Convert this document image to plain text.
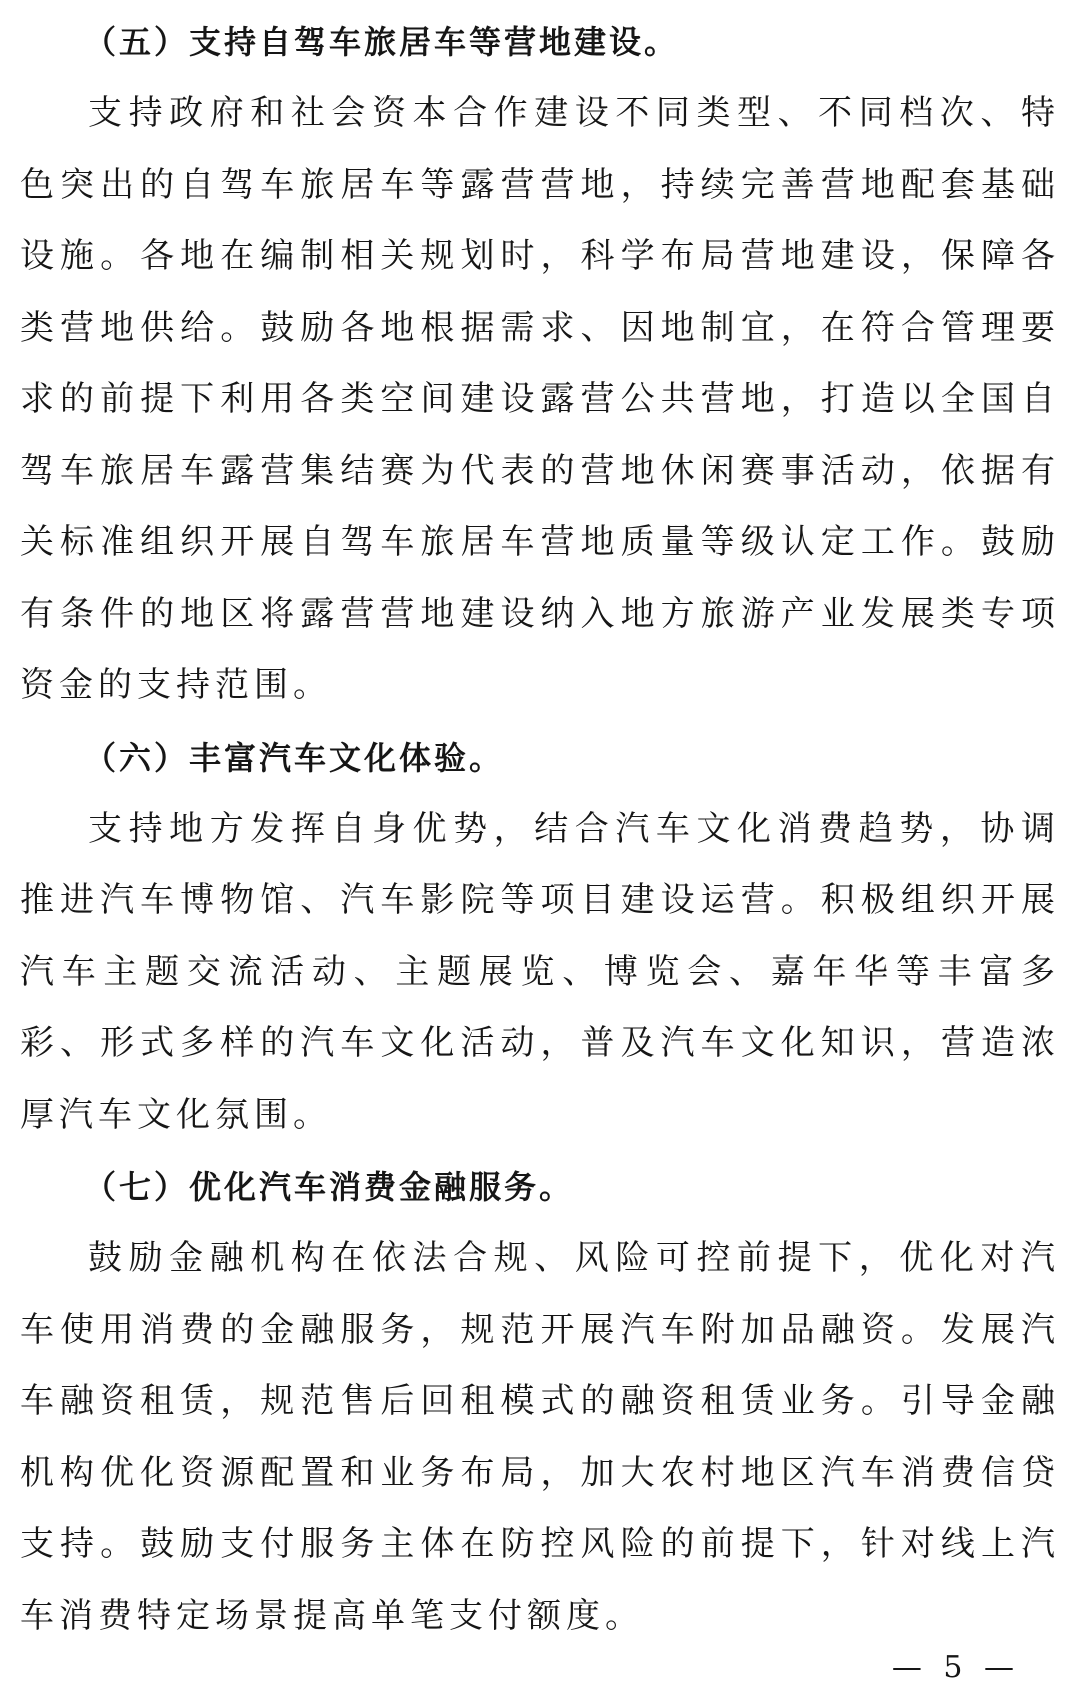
（五）支持自驾车旅居车等营地建设。

支持政府和社会资本合作建设不同类型、不同档次、特色突出的自驾车旅居车等露营营地，持续完善营地配套基础设施。各地在编制相关规划时，科学布局营地建设，保障各类营地供给。鼓励各地根据需求、因地制宜，在符合管理要求的前提下利用各类空间建设露营公共营地，打造以全国自驾车旅居车露营集结赛为代表的营地休闲赛事活动，依据有关标准组织开展自驾车旅居车营地质量等级认定工作。鼓励有条件的地区将露营营地建设纳入地方旅游产业发展类专项资金的支持范围。

（六）丰富汽车文化体验。

支持地方发挥自身优势，结合汽车文化消费趋势，协调推进汽车博物馆、汽车影院等项目建设运营。积极组织开展汽车主题交流活动、主题展览、博览会、嘉年华等丰富多彩、形式多样的汽车文化活动，普及汽车文化知识，营造浓厚汽车文化氛围。

（七）优化汽车消费金融服务。

鼓励金融机构在依法合规、风险可控前提下，优化对汽车使用消费的金融服务，规范开展汽车附加品融资。发展汽车融资租赁，规范售后回租模式的融资租赁业务。引导金融机构优化资源配置和业务布局，加大农村地区汽车消费信贷支持。鼓励支付服务主体在防控风险的前提下，针对线上汽车消费特定场景提高单笔支付额度。

— 5 —
